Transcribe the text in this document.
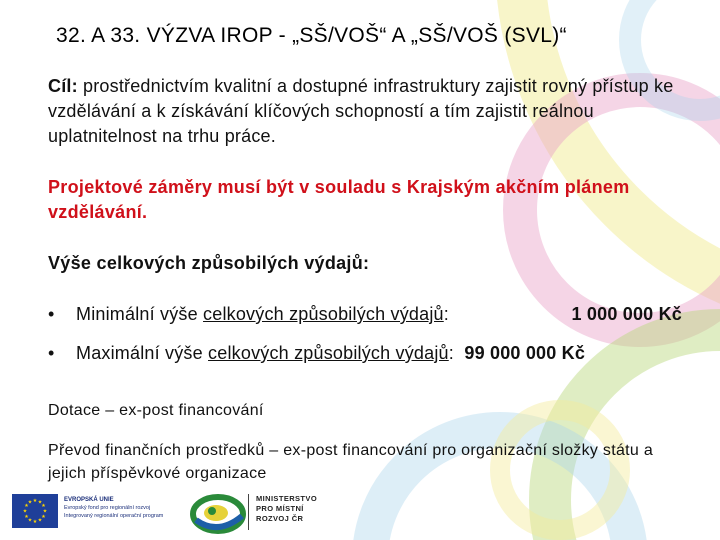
32. A 33. VÝZVA IROP - „SŠ/VOŠ“ A „SŠ/VOŠ (SVL)“
Cíl: prostřednictvím kvalitní a dostupné infrastruktury zajistit rovný přístup ke vzdělávání a k získávání klíčových schopností a tím zajistit reálnou uplatnitelnost na trhu práce.
Projektové záměry musí být v souladu s Krajským akčním plánem vzdělávání.
Výše celkových způsobilých výdajů:
• Minimální výše celkových způsobilých výdajů:	1 000 000 Kč
• Maximální výše celkových způsobilých výdajů: 99 000 000 Kč
Dotace – ex-post financování
Převod finančních prostředků – ex-post financování pro organizační složky státu a jejich příspěvkové organizace
★ ★
★
★
★
★
★
★
★
★
★
★	EVROPSKÁ UNIE
Evropský fond pro regionální rozvoj
Integrovaný regionální operační program
MINISTERSTVO
PRO MÍSTNÍ
ROZVOJ ČR
